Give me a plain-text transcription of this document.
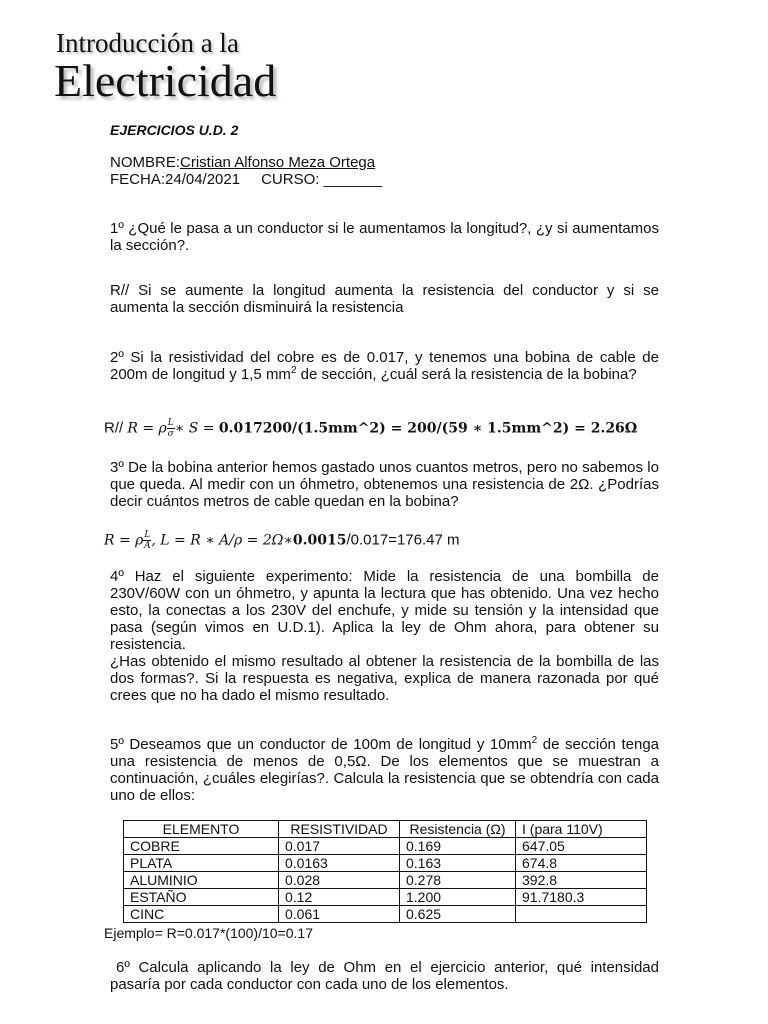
Introducción a la
Electricidad
EJERCICIOS U.D. 2
NOMBRE:Cristian Alfonso Meza Ortega
FECHA:24/04/2021 CURSO: _______
1º ¿Qué le pasa a un conductor si le aumentamos la longitud?, ¿y si aumentamos la sección?.
R// Si se aumente la longitud aumenta la resistencia del conductor y si se aumenta la sección disminuirá la resistencia
2º Si la resistividad del cobre es de 0.017, y tenemos una bobina de cable de 200m de longitud y 1,5 $mm^2$ de sección, ¿cuál será la resistencia de la bobina?
R// R = ρ $\frac{L}{\sigma}$ ∗ S = 0.017200/(1.5mm^2) = 200/(59 ∗ 1.5mm^2) = 2.26Ω
3º De la bobina anterior hemos gastado unos cuantos metros, pero no sabemos lo que queda. Al medir con un óhmetro, obtenemos una resistencia de 2Ω. ¿Podrías decir cuántos metros de cable quedan en la bobina?
R = ρ $\frac{L}{A}$ , L = R ∗ A/ρ = 2Ω∗0.0015/0.017=176.47 m
4º Haz el siguiente experimento: Mide la resistencia de una bombilla de 230V/60W con un óhmetro, y apunta la lectura que has obtenido. Una vez hecho esto, la conectas a los 230V del enchufe, y mide su tensión y la intensidad que pasa (según vimos en U.D.1). Aplica la ley de Ohm ahora, para obtener su resistencia.
¿Has obtenido el mismo resultado al obtener la resistencia de la bombilla de las dos formas?. Si la respuesta es negativa, explica de manera razonada por qué crees que no ha dado el mismo resultado.
5º Deseamos que un conductor de 100m de longitud y $10mm^2$ de sección tenga una resistencia de menos de 0,5Ω. De los elementos que se muestran a continuación, ¿cuáles elegirías?. Calcula la resistencia que se obtendría con cada uno de ellos:
ELEMENTO	RESISTIVIDAD	Resistencia (Ω)	I (para 110V)
COBRE	0.017	0.169	647.05
PLATA	0.0163	0.163	674.8
ALUMINIO	0.028	0.278	392.8
ESTAÑO	0.12	1.200	91.7180.3
CINC	0.061	0.625	
Ejemplo= R=0.017*(100)/10=0.17
6º Calcula aplicando la ley de Ohm en el ejercicio anterior, qué intensidad pasaría por cada conductor con cada uno de los elementos.
